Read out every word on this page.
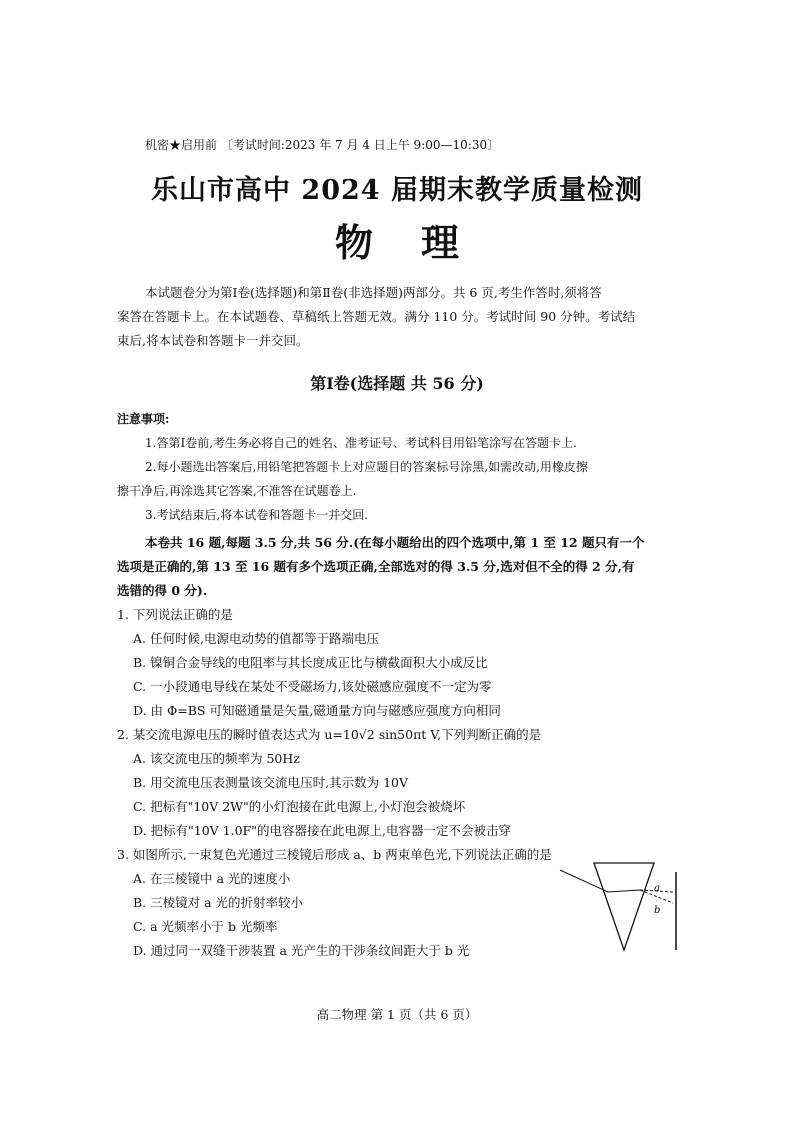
机密★启用前 〔考试时间:2023 年 7 月 4 日上午 9:00—10:30〕
乐山市高中 2024 届期末教学质量检测
物理
本试题卷分为第Ⅰ卷(选择题)和第Ⅱ卷(非选择题)两部分。共 6 页,考生作答时,须将答
案答在答题卡上。在本试题卷、草稿纸上答题无效。满分 110 分。考试时间 90 分钟。考试结
束后,将本试卷和答题卡一并交回。
第Ⅰ卷(选择题 共 56 分)
注意事项:
1.答第Ⅰ卷前,考生务必将自己的姓名、准考证号、考试科目用铅笔涂写在答题卡上.
2.每小题选出答案后,用铅笔把答题卡上对应题目的答案标号涂黑,如需改动,用橡皮擦
擦干净后,再涂选其它答案,不准答在试题卷上.
3.考试结束后,将本试卷和答题卡一并交回.
本卷共 16 题,每题 3.5 分,共 56 分.(在每小题给出的四个选项中,第 1 至 12 题只有一个
选项是正确的,第 13 至 16 题有多个选项正确,全部选对的得 3.5 分,选对但不全的得 2 分,有
选错的得 0 分).
1. 下列说法正确的是
A. 任何时候,电源电动势的值都等于路端电压
B. 镍铜合金导线的电阻率与其长度成正比与横截面积大小成反比
C. 一小段通电导线在某处不受磁场力,该处磁感应强度不一定为零
D. 由 Φ=BS 可知磁通量是矢量,磁通量方向与磁感应强度方向相同
2. 某交流电源电压的瞬时值表达式为 u=10√2 sin50πt V,下列判断正确的是
A. 该交流电压的频率为 50Hz
B. 用交流电压表测量该交流电压时,其示数为 10V
C. 把标有"10V 2W"的小灯泡接在此电源上,小灯泡会被烧坏
D. 把标有"10V 1.0F"的电容器接在此电源上,电容器一定不会被击穿
3. 如图所示,一束复色光通过三棱镜后形成 a、b 两束单色光,下列说法正确的是
A. 在三棱镜中 a 光的速度小
B. 三棱镜对 a 光的折射率较小
C. a 光频率小于 b 光频率
D. 通过同一双缝干涉装置 a 光产生的干涉条纹间距大于 b 光
a
b
高二物理 第 1 页（共 6 页）
